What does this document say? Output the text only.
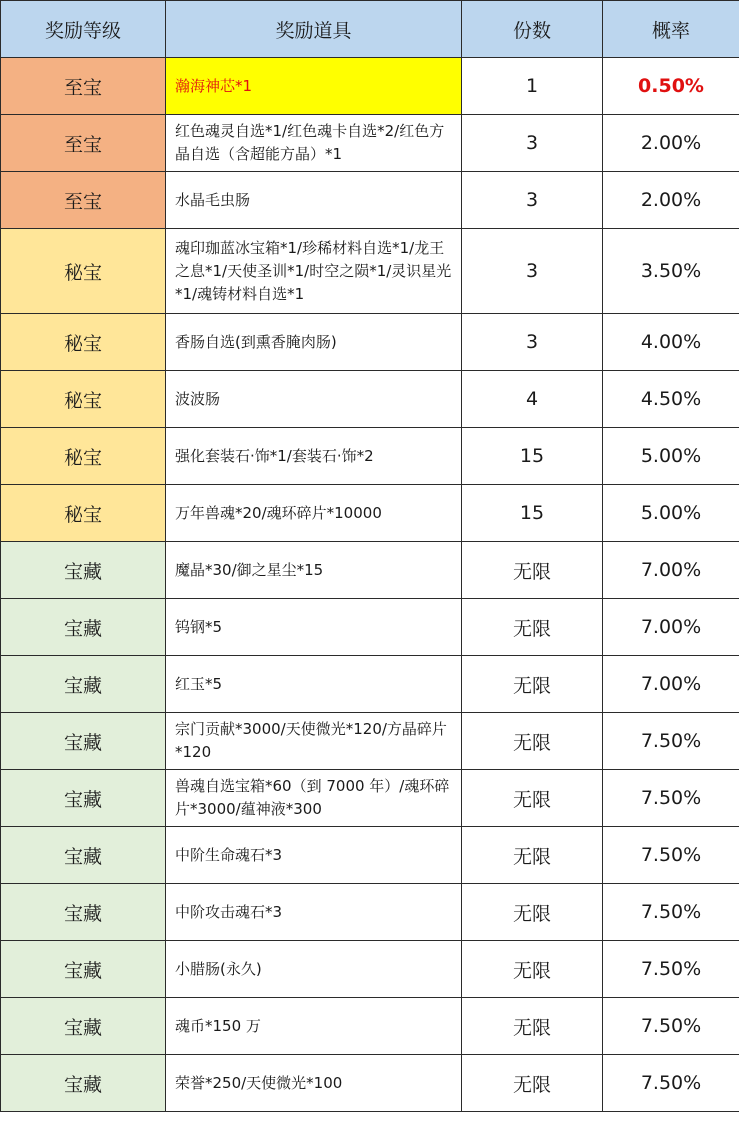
奖励等级	奖励道具	份数	概率
至宝	瀚海神芯*1	1	0.50%
至宝	红色魂灵自选*1/红色魂卡自选*2/红色方晶自选（含超能方晶）*1	3	2.00%
至宝	水晶毛虫肠	3	2.00%
秘宝	魂印珈蓝冰宝箱*1/珍稀材料自选*1/龙王之息*1/天使圣训*1/时空之陨*1/灵识星光*1/魂铸材料自选*1	3	3.50%
秘宝	香肠自选(到熏香腌肉肠)	3	4.00%
秘宝	波波肠	4	4.50%
秘宝	强化套装石·饰*1/套装石·饰*2	15	5.00%
秘宝	万年兽魂*20/魂环碎片*10000	15	5.00%
宝藏	魔晶*30/御之星尘*15	无限	7.00%
宝藏	钨钢*5	无限	7.00%
宝藏	红玉*5	无限	7.00%
宝藏	宗门贡献*3000/天使微光*120/方晶碎片*120	无限	7.50%
宝藏	兽魂自选宝箱*60（到 7000 年）/魂环碎片*3000/蕴神液*300	无限	7.50%
宝藏	中阶生命魂石*3	无限	7.50%
宝藏	中阶攻击魂石*3	无限	7.50%
宝藏	小腊肠(永久)	无限	7.50%
宝藏	魂币*150 万	无限	7.50%
宝藏	荣誉*250/天使微光*100	无限	7.50%
